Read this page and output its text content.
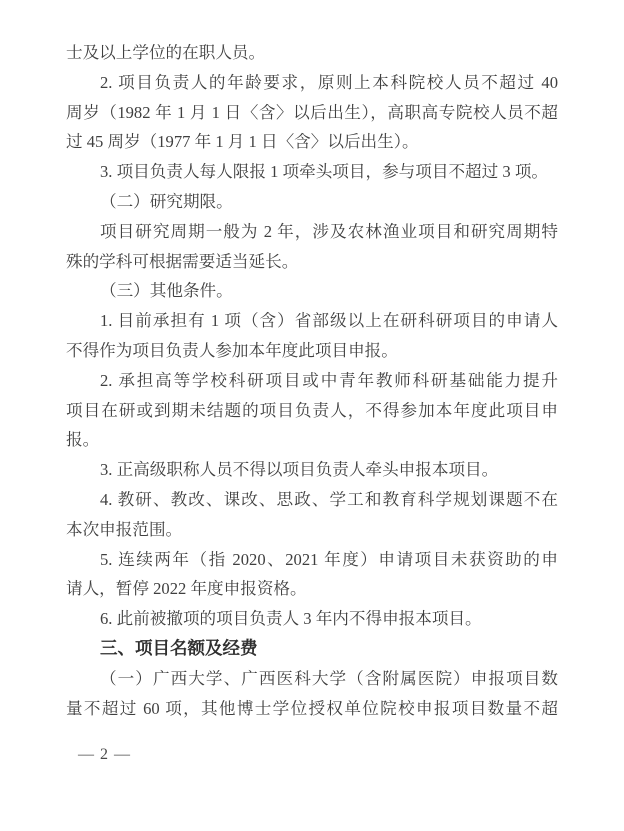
士及以上学位的在职人员。
2. 项目负责人的年龄要求，原则上本科院校人员不超过 40
周岁（1982 年 1 月 1 日〈含〉以后出生），高职高专院校人员不超
过 45 周岁（1977 年 1 月 1 日〈含〉以后出生）。
3. 项目负责人每人限报 1 项牵头项目，参与项目不超过 3 项。
（二）研究期限。
项目研究周期一般为 2 年，涉及农林渔业项目和研究周期特
殊的学科可根据需要适当延长。
（三）其他条件。
1. 目前承担有 1 项（含）省部级以上在研科研项目的申请人
不得作为项目负责人参加本年度此项目申报。
2. 承担高等学校科研项目或中青年教师科研基础能力提升
项目在研或到期未结题的项目负责人，不得参加本年度此项目申
报。
3. 正高级职称人员不得以项目负责人牵头申报本项目。
4. 教研、教改、课改、思政、学工和教育科学规划课题不在
本次申报范围。
5. 连续两年（指 2020、2021 年度）申请项目未获资助的申
请人，暂停 2022 年度申报资格。
6. 此前被撤项的项目负责人 3 年内不得申报本项目。
三、项目名额及经费
（一）广西大学、广西医科大学（含附属医院）申报项目数
量不超过 60 项，其他博士学位授权单位院校申报项目数量不超
— 2 —
